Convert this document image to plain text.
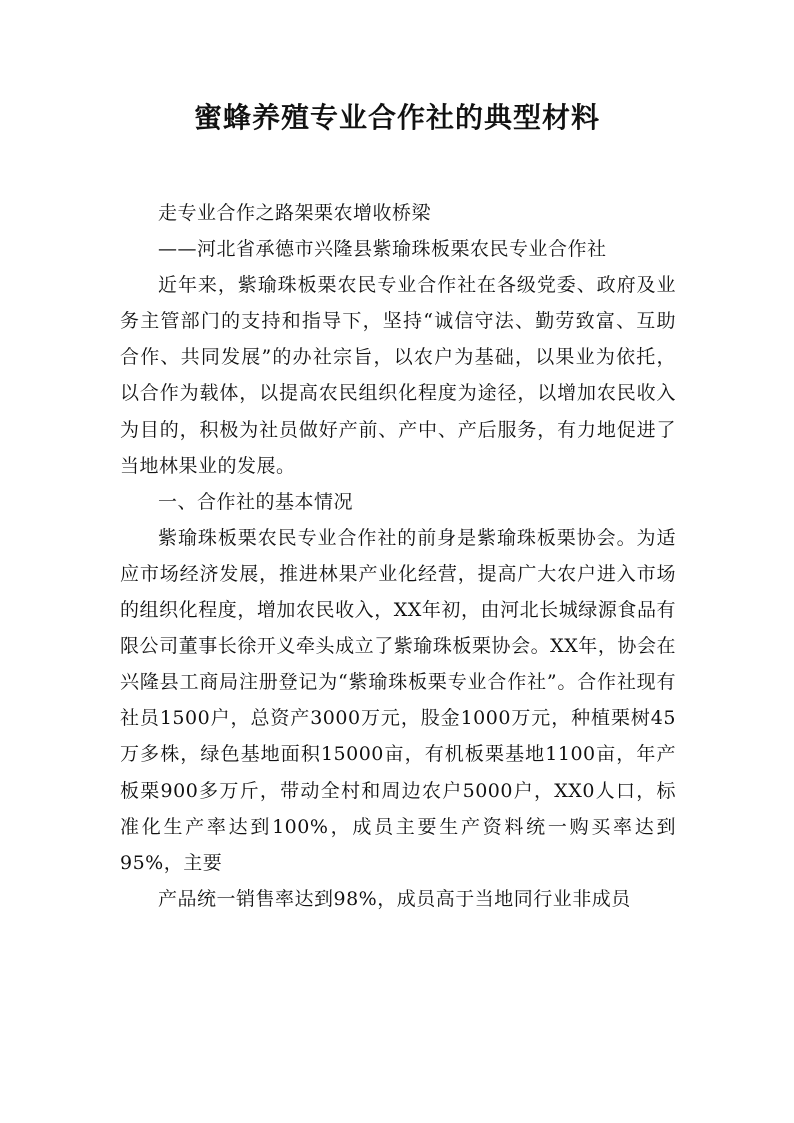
蜜蜂养殖专业合作社的典型材料

走专业合作之路架栗农增收桥梁

——河北省承德市兴隆县紫瑜珠板栗农民专业合作社

近年来，紫瑜珠板栗农民专业合作社在各级党委、政府及业务主管部门的支持和指导下，坚持“诚信守法、勤劳致富、互助合作、共同发展”的办社宗旨，以农户为基础，以果业为依托，以合作为载体，以提高农民组织化程度为途径，以增加农民收入为目的，积极为社员做好产前、产中、产后服务，有力地促进了当地林果业的发展。

一、合作社的基本情况

紫瑜珠板栗农民专业合作社的前身是紫瑜珠板栗协会。为适应市场经济发展，推进林果产业化经营，提高广大农户进入市场的组织化程度，增加农民收入，XX年初，由河北长城绿源食品有限公司董事长徐开义牵头成立了紫瑜珠板栗协会。XX年，协会在兴隆县工商局注册登记为“紫瑜珠板栗专业合作社”。合作社现有社员1500户，总资产3000万元，股金1000万元，种植栗树45万多株，绿色基地面积15000亩，有机板栗基地1100亩，年产板栗900多万斤，带动全村和周边农户5000户，XX0人口，标准化生产率达到100%，成员主要生产资料统一购买率达到95%，主要

产品统一销售率达到98%，成员高于当地同行业非成员
